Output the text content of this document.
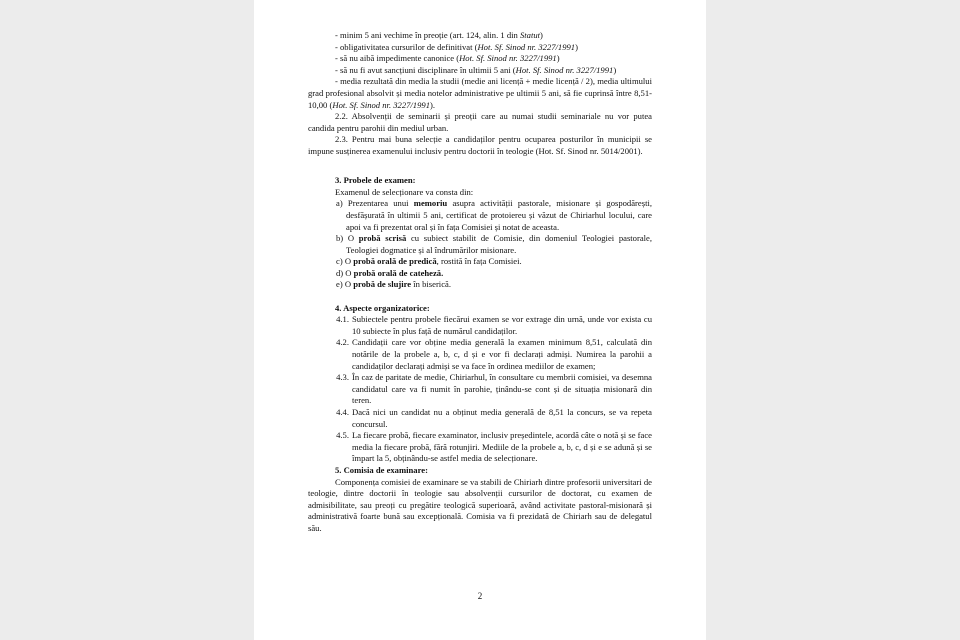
- minim 5 ani vechime în preoție (art. 124, alin. 1 din Statut)

- obligativitatea cursurilor de definitivat (Hot. Sf. Sinod nr. 3227/1991)

- să nu aibă impedimente canonice (Hot. Sf. Sinod nr. 3227/1991)

- să nu fi avut sancțiuni disciplinare în ultimii 5 ani (Hot. Sf. Sinod nr. 3227/1991)

- media rezultată din media la studii (medie ani licență + medie licență / 2), media ultimului grad profesional absolvit și media notelor administrative pe ultimii 5 ani, să fie cuprinsă între 8,51-10,00 (Hot. Sf. Sinod nr. 3227/1991).

2.2. Absolvenții de seminarii și preoții care au numai studii seminariale nu vor putea candida pentru parohii din mediul urban.

2.3. Pentru mai buna selecție a candidaților pentru ocuparea posturilor în municipii se impune susținerea examenului inclusiv pentru doctorii în teologie (Hot. Sf. Sinod nr. 5014/2001).

3. Probele de examen:

Examenul de selecționare va consta din:

a) Prezentarea unui memoriu asupra activității pastorale, misionare și gospodărești, desfășurată în ultimii 5 ani, certificat de protoiereu și văzut de Chiriarhul locului, care apoi va fi prezentat oral și în fața Comisiei și notat de aceasta.

b) O probă scrisă cu subiect stabilit de Comisie, din domeniul Teologiei pastorale, Teologiei dogmatice și al îndrumărilor misionare.

c) O probă orală de predică, rostită în fața Comisiei.

d) O probă orală de cateheză.

e) O probă de slujire în biserică.

4. Aspecte organizatorice:

4.1. Subiectele pentru probele fiecărui examen se vor extrage din urnă, unde vor exista cu 10 subiecte în plus față de numărul candidaților.
4.2. Candidații care vor obține media generală la examen minimum 8,51, calculată din notările de la probele a, b, c, d și e vor fi declarați admiși. Numirea la parohii a candidaților declarați admiși se va face în ordinea mediilor de examen;
4.3. În caz de paritate de medie, Chiriarhul, în consultare cu membrii comisiei, va desemna candidatul care va fi numit în parohie, ținându-se cont și de situația misionară din teren.
4.4. Dacă nici un candidat nu a obținut media generală de 8,51 la concurs, se va repeta concursul.
4.5. La fiecare probă, fiecare examinator, inclusiv președintele, acordă câte o notă și se face media la fiecare probă, fără rotunjiri. Mediile de la probele a, b, c, d și e se adună și se împart la 5, obținându-se astfel media de selecționare.

5. Comisia de examinare:

Componența comisiei de examinare se va stabili de Chiriarh dintre profesorii universitari de teologie, dintre doctorii în teologie sau absolvenții cursurilor de doctorat, cu examen de admisibilitate, sau preoți cu pregătire teologică superioară, având activitate pastoral-misionară și administrativă foarte bună sau excepțională. Comisia va fi prezidată de Chiriarh sau de delegatul său.

2
